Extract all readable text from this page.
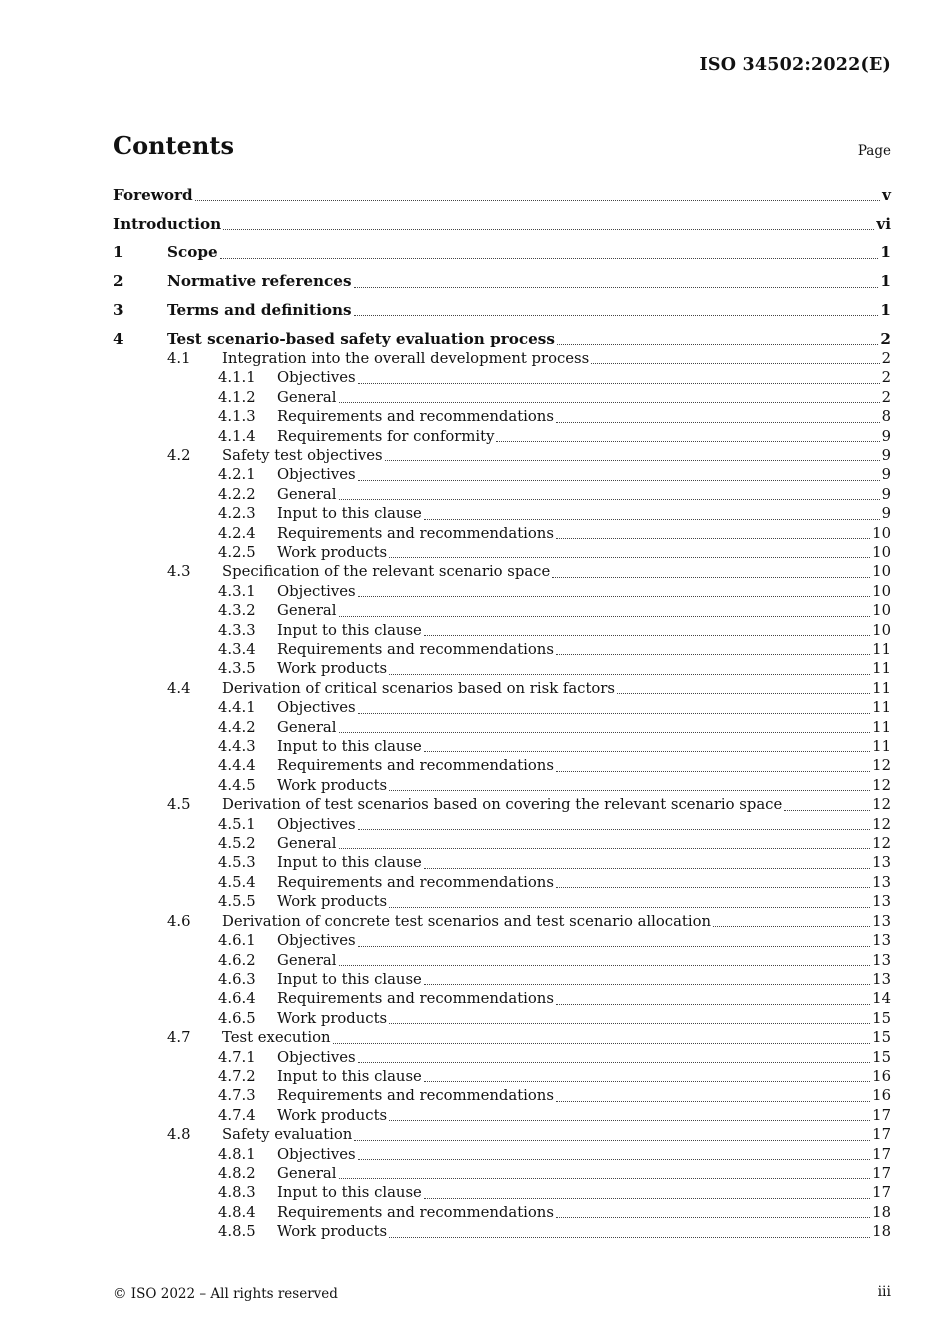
ISO 34502:2022(E)
Contents	Page
Foreword	v
Introduction	vi
1	Scope	1
2	Normative references	1
3	Terms and definitions	1
4	Test scenario-based safety evaluation process	2
4.1	Integration into the overall development process	2
4.1.1	Objectives	2
4.1.2	General	2
4.1.3	Requirements and recommendations	8
4.1.4	Requirements for conformity	9
4.2	Safety test objectives	9
4.2.1	Objectives	9
4.2.2	General	9
4.2.3	Input to this clause	9
4.2.4	Requirements and recommendations	10
4.2.5	Work products	10
4.3	Specification of the relevant scenario space	10
4.3.1	Objectives	10
4.3.2	General	10
4.3.3	Input to this clause	10
4.3.4	Requirements and recommendations	11
4.3.5	Work products	11
4.4	Derivation of critical scenarios based on risk factors	11
4.4.1	Objectives	11
4.4.2	General	11
4.4.3	Input to this clause	11
4.4.4	Requirements and recommendations	12
4.4.5	Work products	12
4.5	Derivation of test scenarios based on covering the relevant scenario space	12
4.5.1	Objectives	12
4.5.2	General	12
4.5.3	Input to this clause	13
4.5.4	Requirements and recommendations	13
4.5.5	Work products	13
4.6	Derivation of concrete test scenarios and test scenario allocation	13
4.6.1	Objectives	13
4.6.2	General	13
4.6.3	Input to this clause	13
4.6.4	Requirements and recommendations	14
4.6.5	Work products	15
4.7	Test execution	15
4.7.1	Objectives	15
4.7.2	Input to this clause	16
4.7.3	Requirements and recommendations	16
4.7.4	Work products	17
4.8	Safety evaluation	17
4.8.1	Objectives	17
4.8.2	General	17
4.8.3	Input to this clause	17
4.8.4	Requirements and recommendations	18
4.8.5	Work products	18
© ISO 2022 – All rights reserved	iii
